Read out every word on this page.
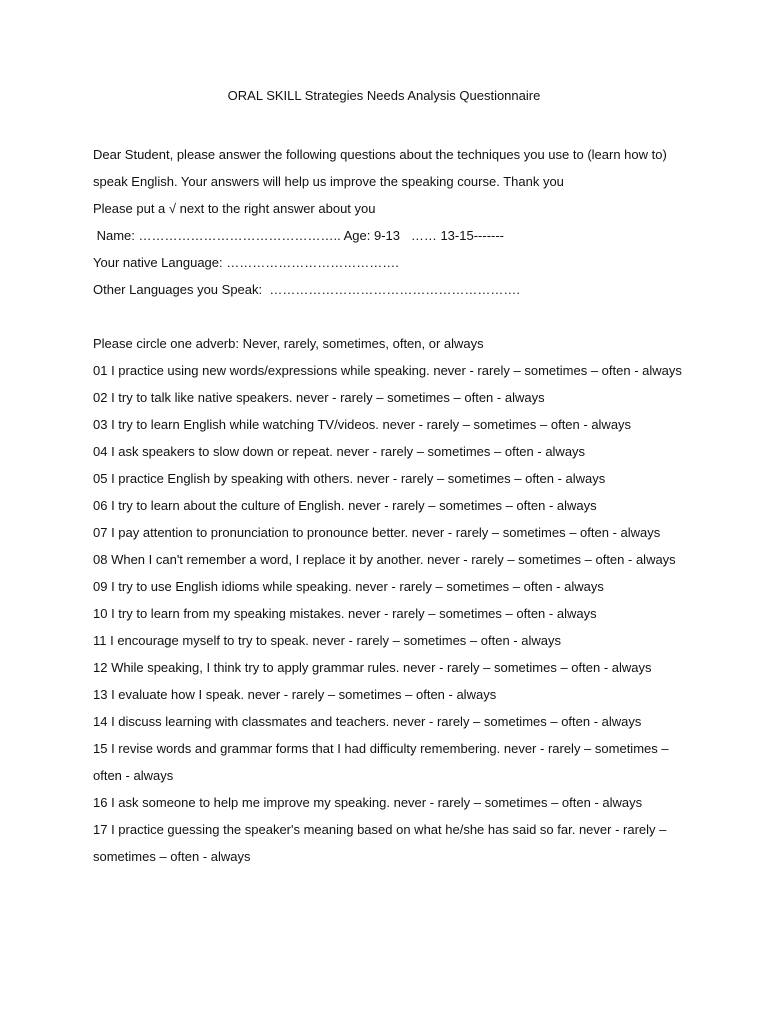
ORAL SKILL Strategies Needs Analysis Questionnaire
Dear Student, please answer the following questions about the techniques you use to (learn how to)
speak English. Your answers will help us improve the speaking course. Thank you
Please put a √ next to the right answer about you
Name: ……………………………………….. Age: 9-13   …… 13-15-------
Your native Language: ………………………………….
Other Languages you Speak:  ………………………………………………….
Please circle one adverb: Never, rarely, sometimes, often, or always
01 I practice using new words/expressions while speaking. never - rarely – sometimes – often - always
02 I try to talk like native speakers. never - rarely – sometimes – often - always
03 I try to learn English while watching TV/videos. never - rarely – sometimes – often - always
04 I ask speakers to slow down or repeat. never - rarely – sometimes – often - always
05 I practice English by speaking with others. never - rarely – sometimes – often - always
06 I try to learn about the culture of English. never - rarely – sometimes – often - always
07 I pay attention to pronunciation to pronounce better. never - rarely – sometimes – often - always
08 When I can't remember a word, I replace it by another. never - rarely – sometimes – often - always
09 I try to use English idioms while speaking. never - rarely – sometimes – often - always
10 I try to learn from my speaking mistakes. never - rarely – sometimes – often - always
11 I encourage myself to try to speak. never - rarely – sometimes – often - always
12 While speaking, I think try to apply grammar rules. never - rarely – sometimes – often - always
13 I evaluate how I speak. never - rarely – sometimes – often - always
14 I discuss learning with classmates and teachers. never - rarely – sometimes – often - always
15 I revise words and grammar forms that I had difficulty remembering. never - rarely – sometimes – often - always
16 I ask someone to help me improve my speaking. never - rarely – sometimes – often - always
17 I practice guessing the speaker's meaning based on what he/she has said so far. never - rarely – sometimes – often - always
